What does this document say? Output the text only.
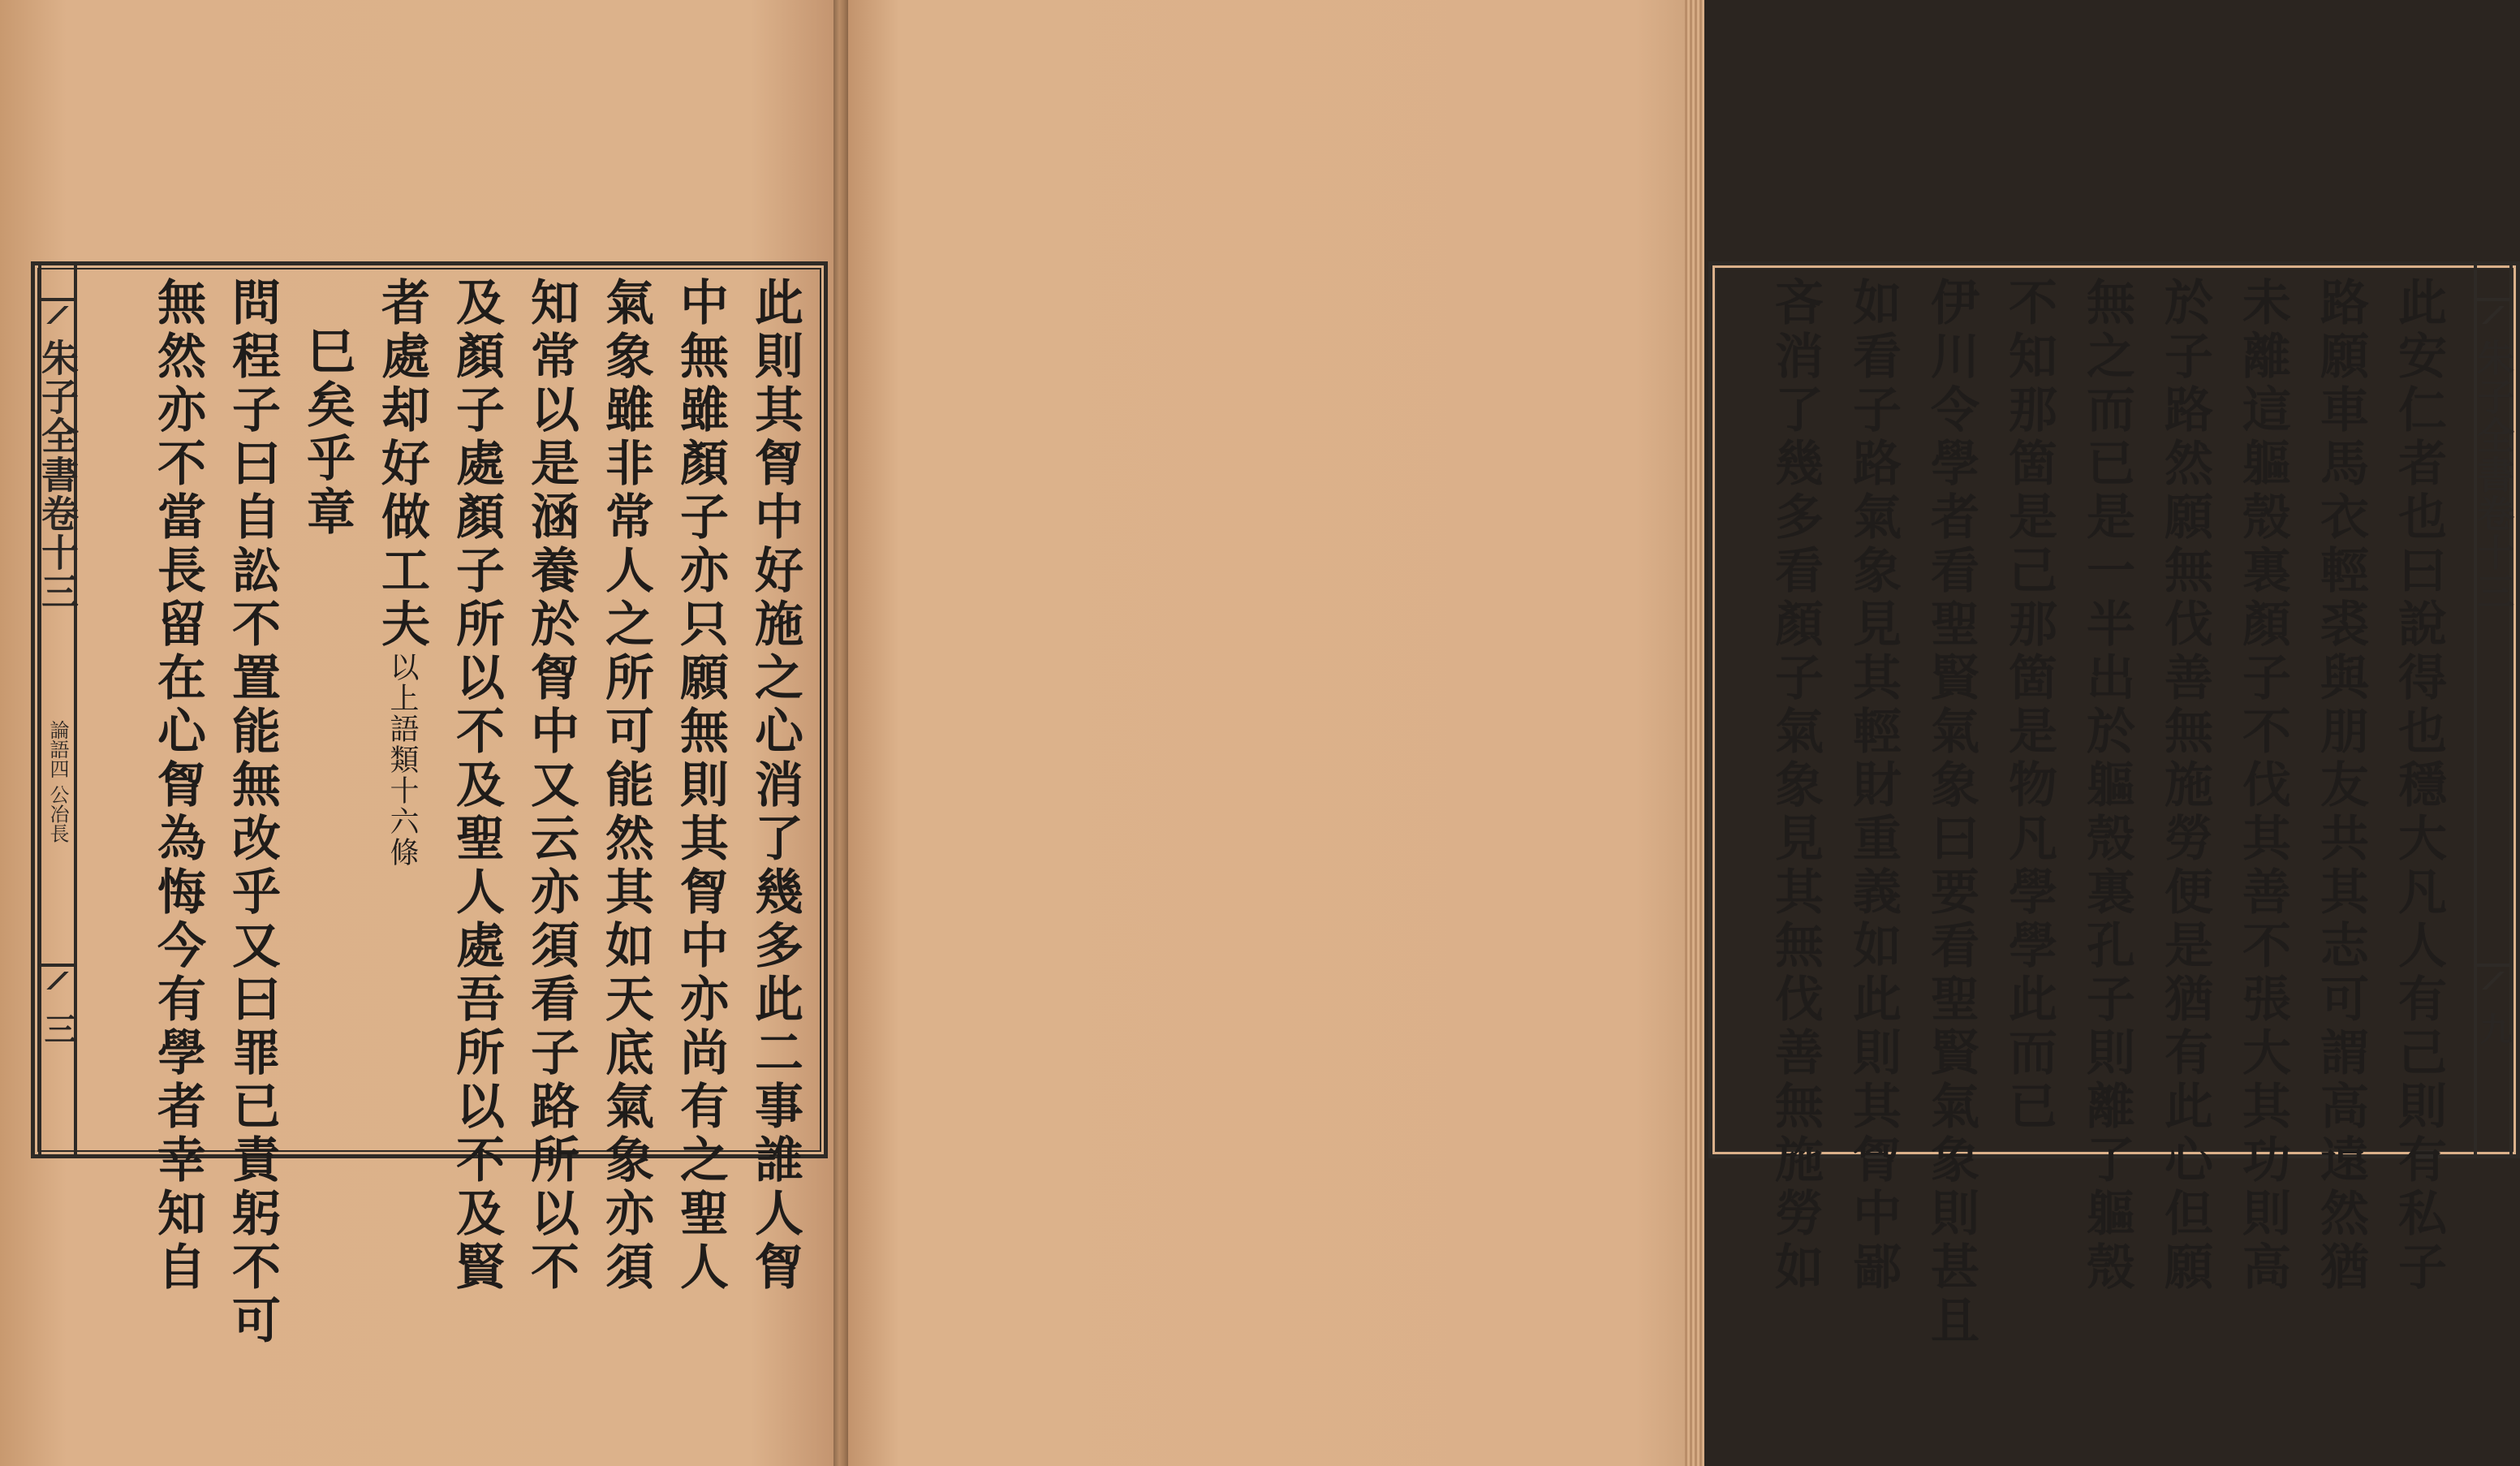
朱子全書卷十三
論語四 公冶長
三	此則其胷中好施之心消了幾多此二事誰人胷
中無雖顏子亦只願無則其胷中亦尚有之聖人
氣象雖非常人之所可能然其如天底氣象亦須
知常以是涵養於胷中又云亦須看子路所以不
及顏子處顏子所以不及聖人處吾所以不及賢
者處却好做工夫以上語類十六條
巳矣乎章
問程子曰自訟不置能無改乎又曰罪已責躬不可
無然亦不當長留在心胷為悔今有學者幸知自	此安仁者也曰說得也穩大凡人有己則有私子
路願車馬衣輕裘與朋友共其志可謂高遠然猶
未離這軀殼裏顏子不伐其善不張大其功則高
於子路然願無伐善無施勞便是猶有此心但願
無之而已是一半出於軀殼裏孔子則離了軀殼
不知那箇是己那箇是物凡學學此而已
伊川令學者看聖賢氣象曰要看聖賢氣象則甚且
如看子路氣象見其輕財重義如此則其胷中鄙
吝消了幾多看顏子氣象見其無伐善無施勞如	朱子全書卷十三
九
